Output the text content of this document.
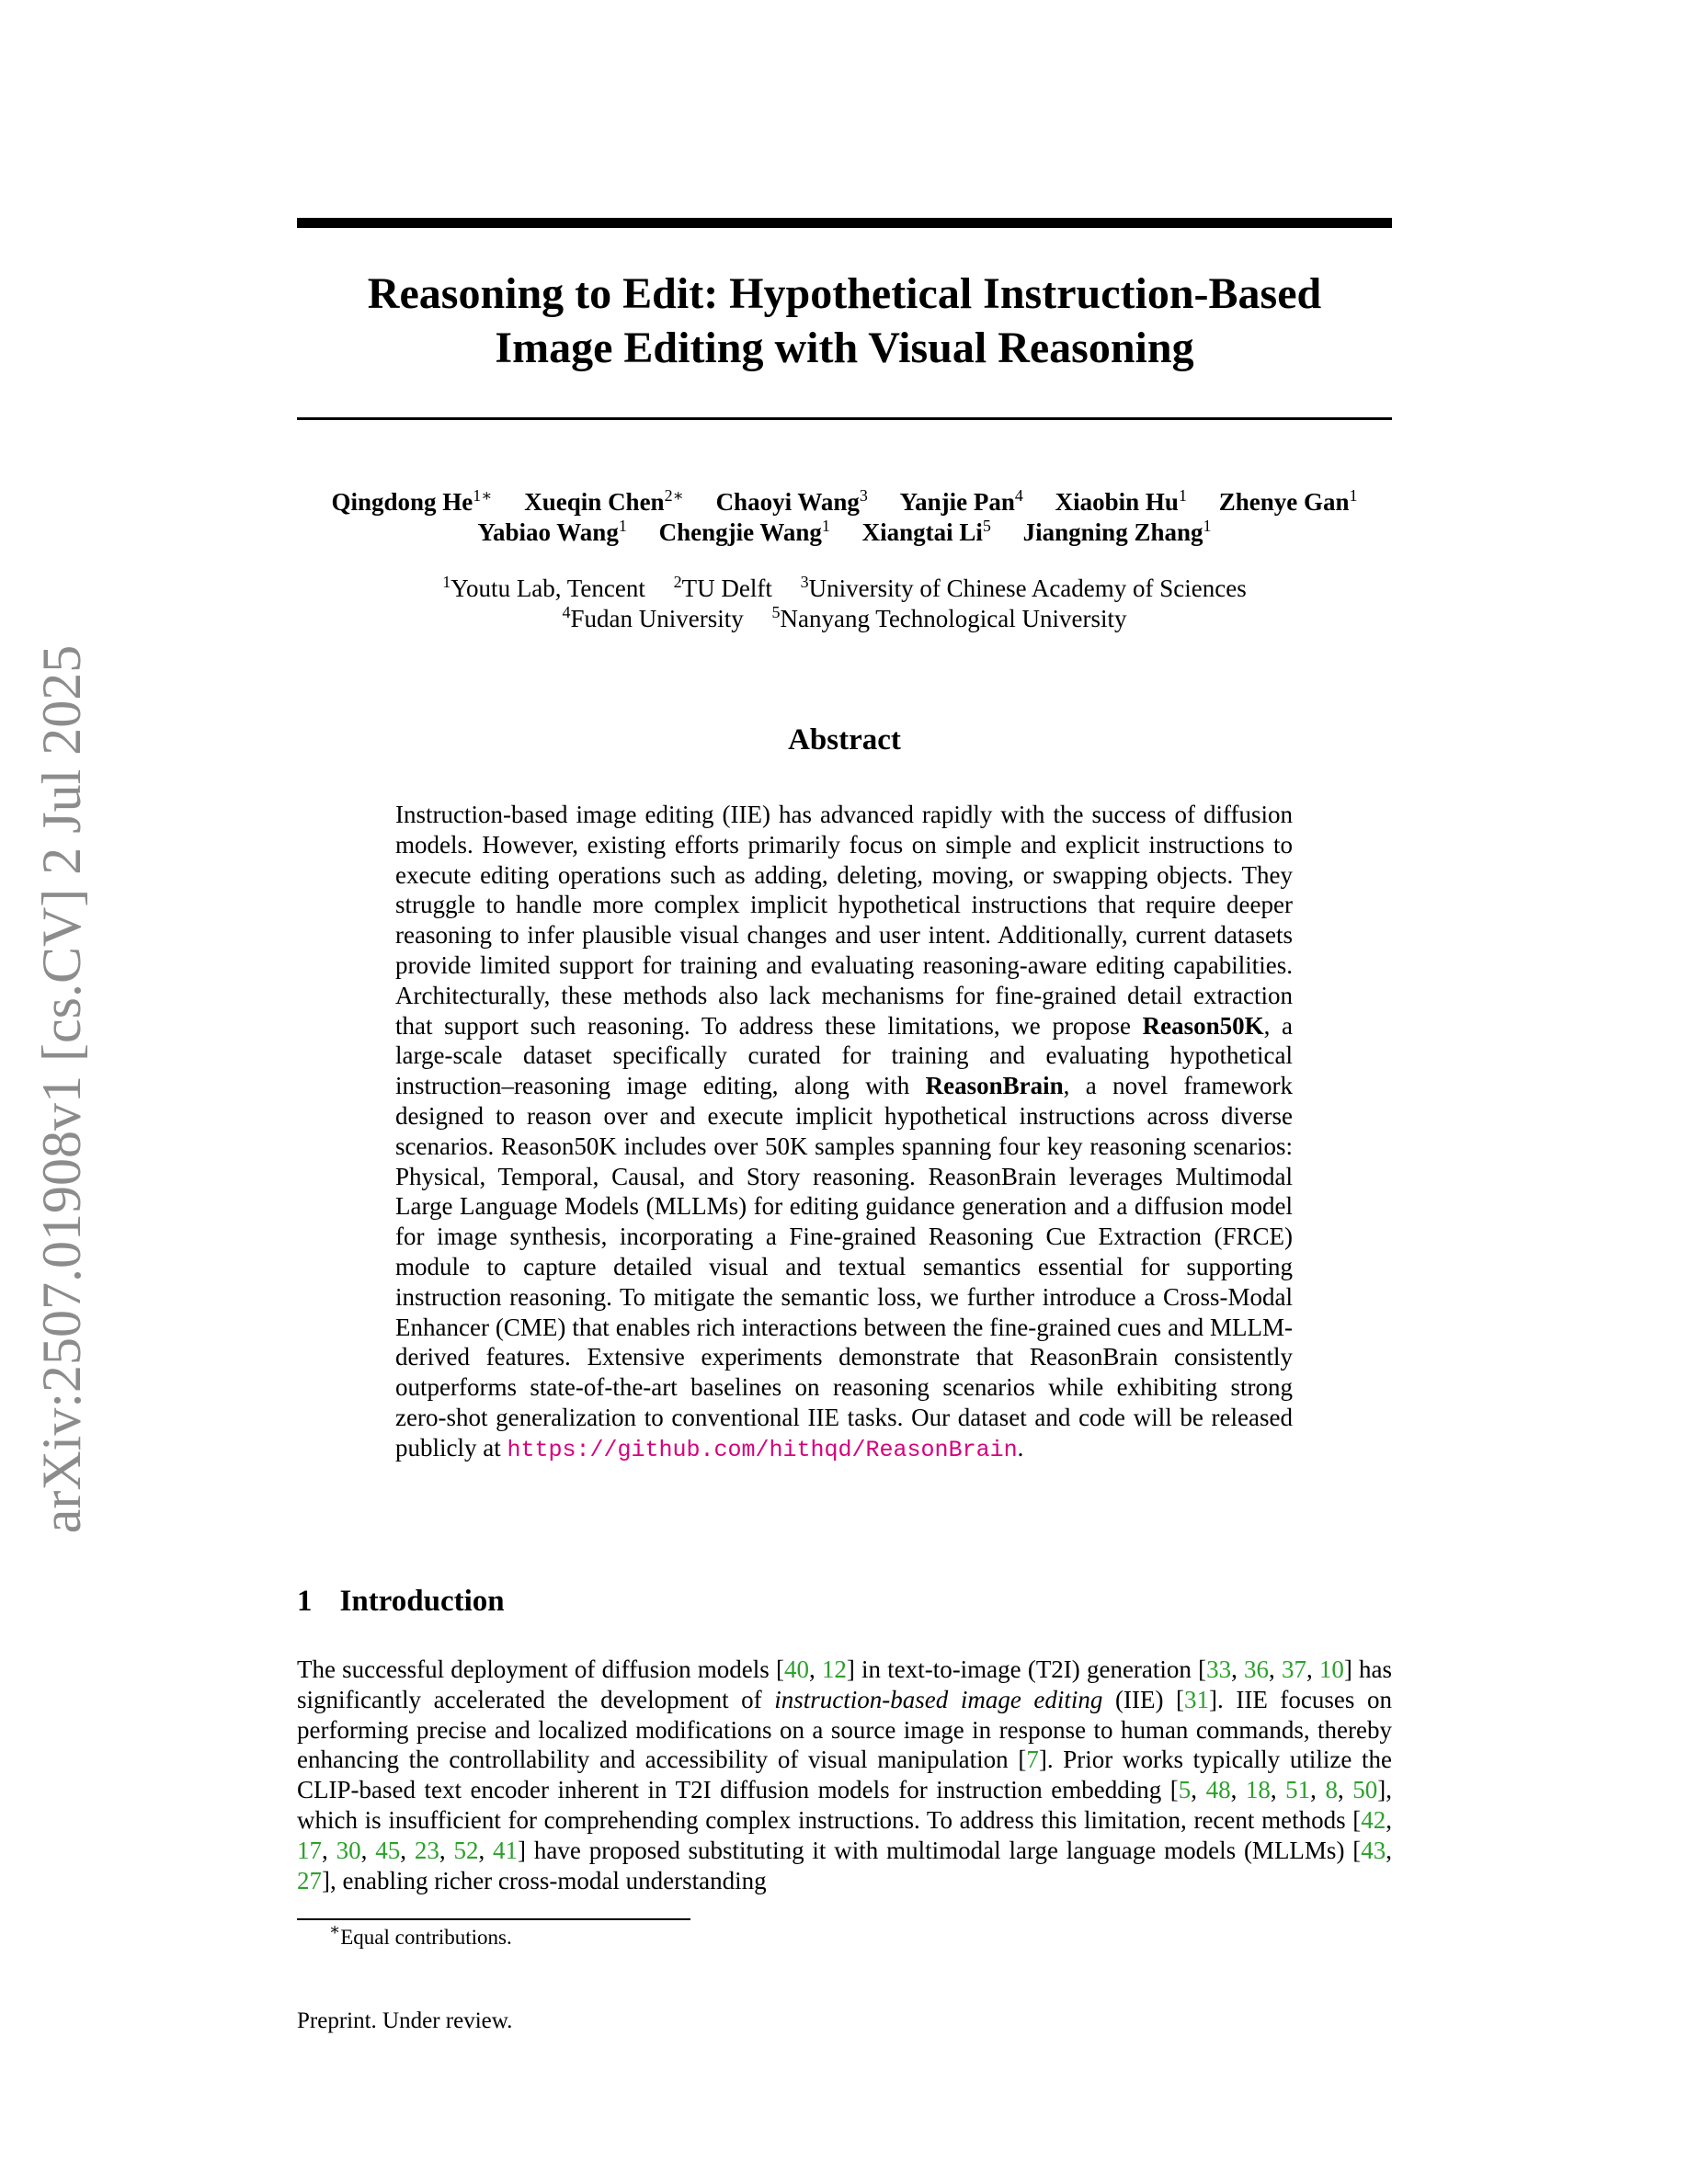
arXiv:2507.01908v1 [cs.CV] 2 Jul 2025
Reasoning to Edit: Hypothetical Instruction-Based
Image Editing with Visual Reasoning
Qingdong $He^{1∗}$ Xueqin Chen$^{2∗}$ Chaoyi Wang$^3$ Yanjie Pan$^4$ Xiaobin Hu$^1$ Zhenye Gan$^1$
Yabiao Wang$^1$ Chengjie Wang$^1$ Xiangtai Li$^5$ Jiangning Zhang$^1$
$^1$Youtu Lab, Tencent $^2$TU Delft $^3$University of Chinese Academy of Sciences
$^4$Fudan University $^5$Nanyang Technological University
Abstract
Instruction-based image editing (IIE) has advanced rapidly with the success of diffusion models. However, existing efforts primarily focus on simple and explicit instructions to execute editing operations such as adding, deleting, moving, or swapping objects. They struggle to handle more complex implicit hypothetical instructions that require deeper reasoning to infer plausible visual changes and user intent. Additionally, current datasets provide limited support for training and evaluating reasoning-aware editing capabilities. Architecturally, these methods also lack mechanisms for fine-grained detail extraction that support such reasoning. To address these limitations, we propose Reason50K, a large-scale dataset specifically curated for training and evaluating hypothetical instruction–reasoning image editing, along with ReasonBrain, a novel framework designed to reason over and execute implicit hypothetical instructions across diverse scenarios. Reason50K includes over 50K samples spanning four key reasoning scenarios: Physical, Temporal, Causal, and Story reasoning. ReasonBrain leverages Multimodal Large Language Models (MLLMs) for editing guidance generation and a diffusion model for image synthesis, incorporating a Fine-grained Reasoning Cue Extraction (FRCE) module to capture detailed visual and textual semantics essential for supporting instruction reasoning. To mitigate the semantic loss, we further introduce a Cross-Modal Enhancer (CME) that enables rich interactions between the fine-grained cues and MLLM-derived features. Extensive experiments demonstrate that ReasonBrain consistently outperforms state-of-the-art baselines on reasoning scenarios while exhibiting strong zero-shot generalization to conventional IIE tasks. Our dataset and code will be released publicly at https://github.com/hithqd/ReasonBrain.
1 Introduction
The successful deployment of diffusion models [40, 12] in text-to-image (T2I) generation [33, 36, 37, 10] has significantly accelerated the development of instruction-based image editing (IIE) [31]. IIE focuses on performing precise and localized modifications on a source image in response to human commands, thereby enhancing the controllability and accessibility of visual manipulation [7]. Prior works typically utilize the CLIP-based text encoder inherent in T2I diffusion models for instruction embedding [5, 48, 18, 51, 8, 50], which is insufficient for comprehending complex instructions. To address this limitation, recent methods [42, 17, 30, 45, 23, 52, 41] have proposed substituting it with multimodal large language models (MLLMs) [43, 27], enabling richer cross-modal understanding
∗Equal contributions.
Preprint. Under review.
